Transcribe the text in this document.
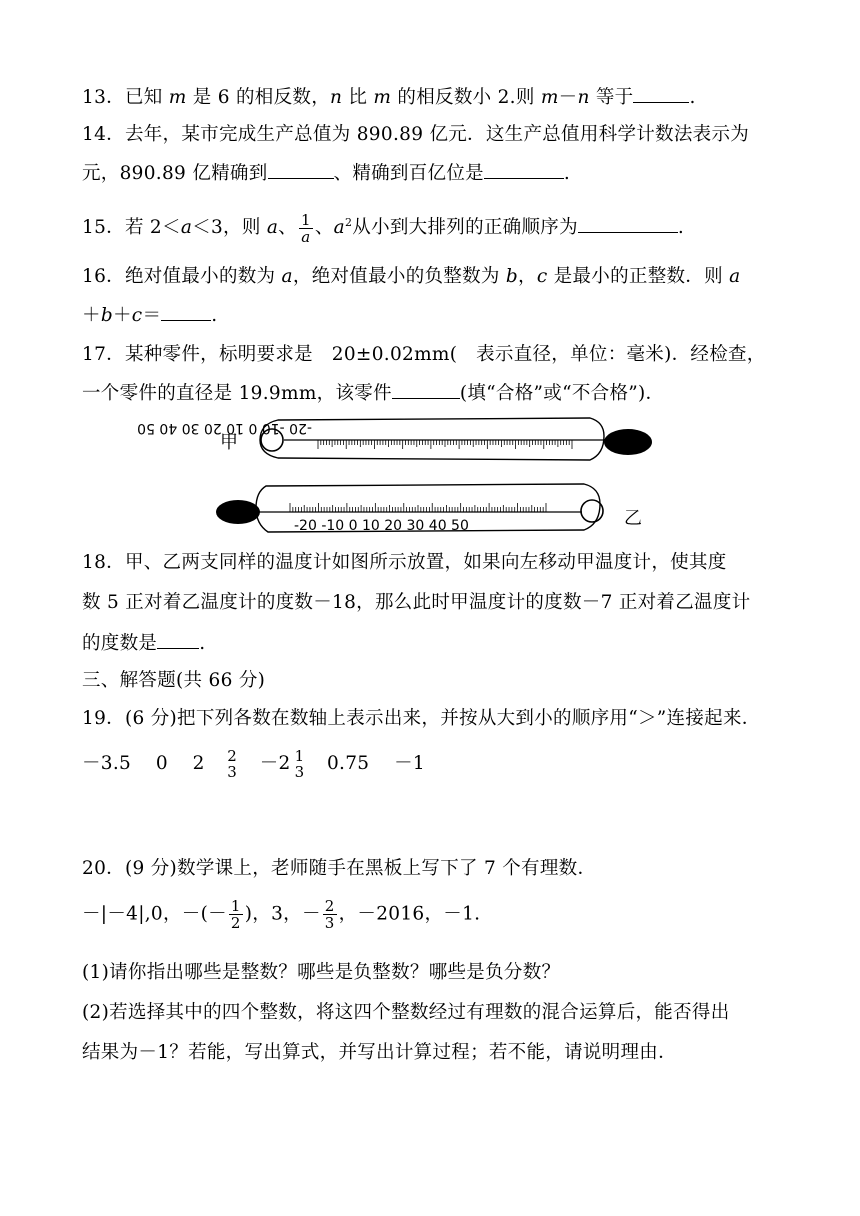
13．已知 m 是 6 的相反数，n 比 m 的相反数小 2.则 m－n 等于	.
14．去年，某市完成生产总值为 890.89 亿元．这生产总值用科学计数法表示为
元，890.89 亿精确到	、精确到百亿位是	.
15．若 2＜a＜3，则 a、 $\frac{1}{a}$ 、$a^2$从小到大排列的正确顺序为	.
16．绝对值最小的数为 a，绝对值最小的负整数为 b，c 是最小的正整数．则 a
＋b＋c＝	.
17．某种零件，标明要求是　20±0.02mm(　表示直径，单位：毫米)．经检查，
一个零件的直径是 19.9mm，该零件	(填“合格”或“不合格”)．
-20 -10 0 10 20 30 40 50
-20 -10 0 10 20 30 40 50
甲
乙
18．甲、乙两支同样的温度计如图所示放置，如果向左移动甲温度计，使其度
数 5 正对着乙温度计的度数－18，那么此时甲温度计的度数－7 正对着乙温度计
的度数是 .
三、解答题(共 66 分)
19．(6 分)把下列各数在数轴上表示出来，并按从大到小的顺序用“＞”连接起来．
－3.5 0 2 2
3 －2 1
3 0.75 －1
20．(9 分)数学课上，老师随手在黑板上写下了 7 个有理数．
－|－4|,0，－(－ $\frac{1}{2}$ )，3，－ $\frac{2}{3}$ ，－2016，－1.
(1)请你指出哪些是整数？哪些是负整数？哪些是负分数？
(2)若选择其中的四个整数，将这四个整数经过有理数的混合运算后，能否得出
结果为－1？若能，写出算式，并写出计算过程；若不能，请说明理由．
